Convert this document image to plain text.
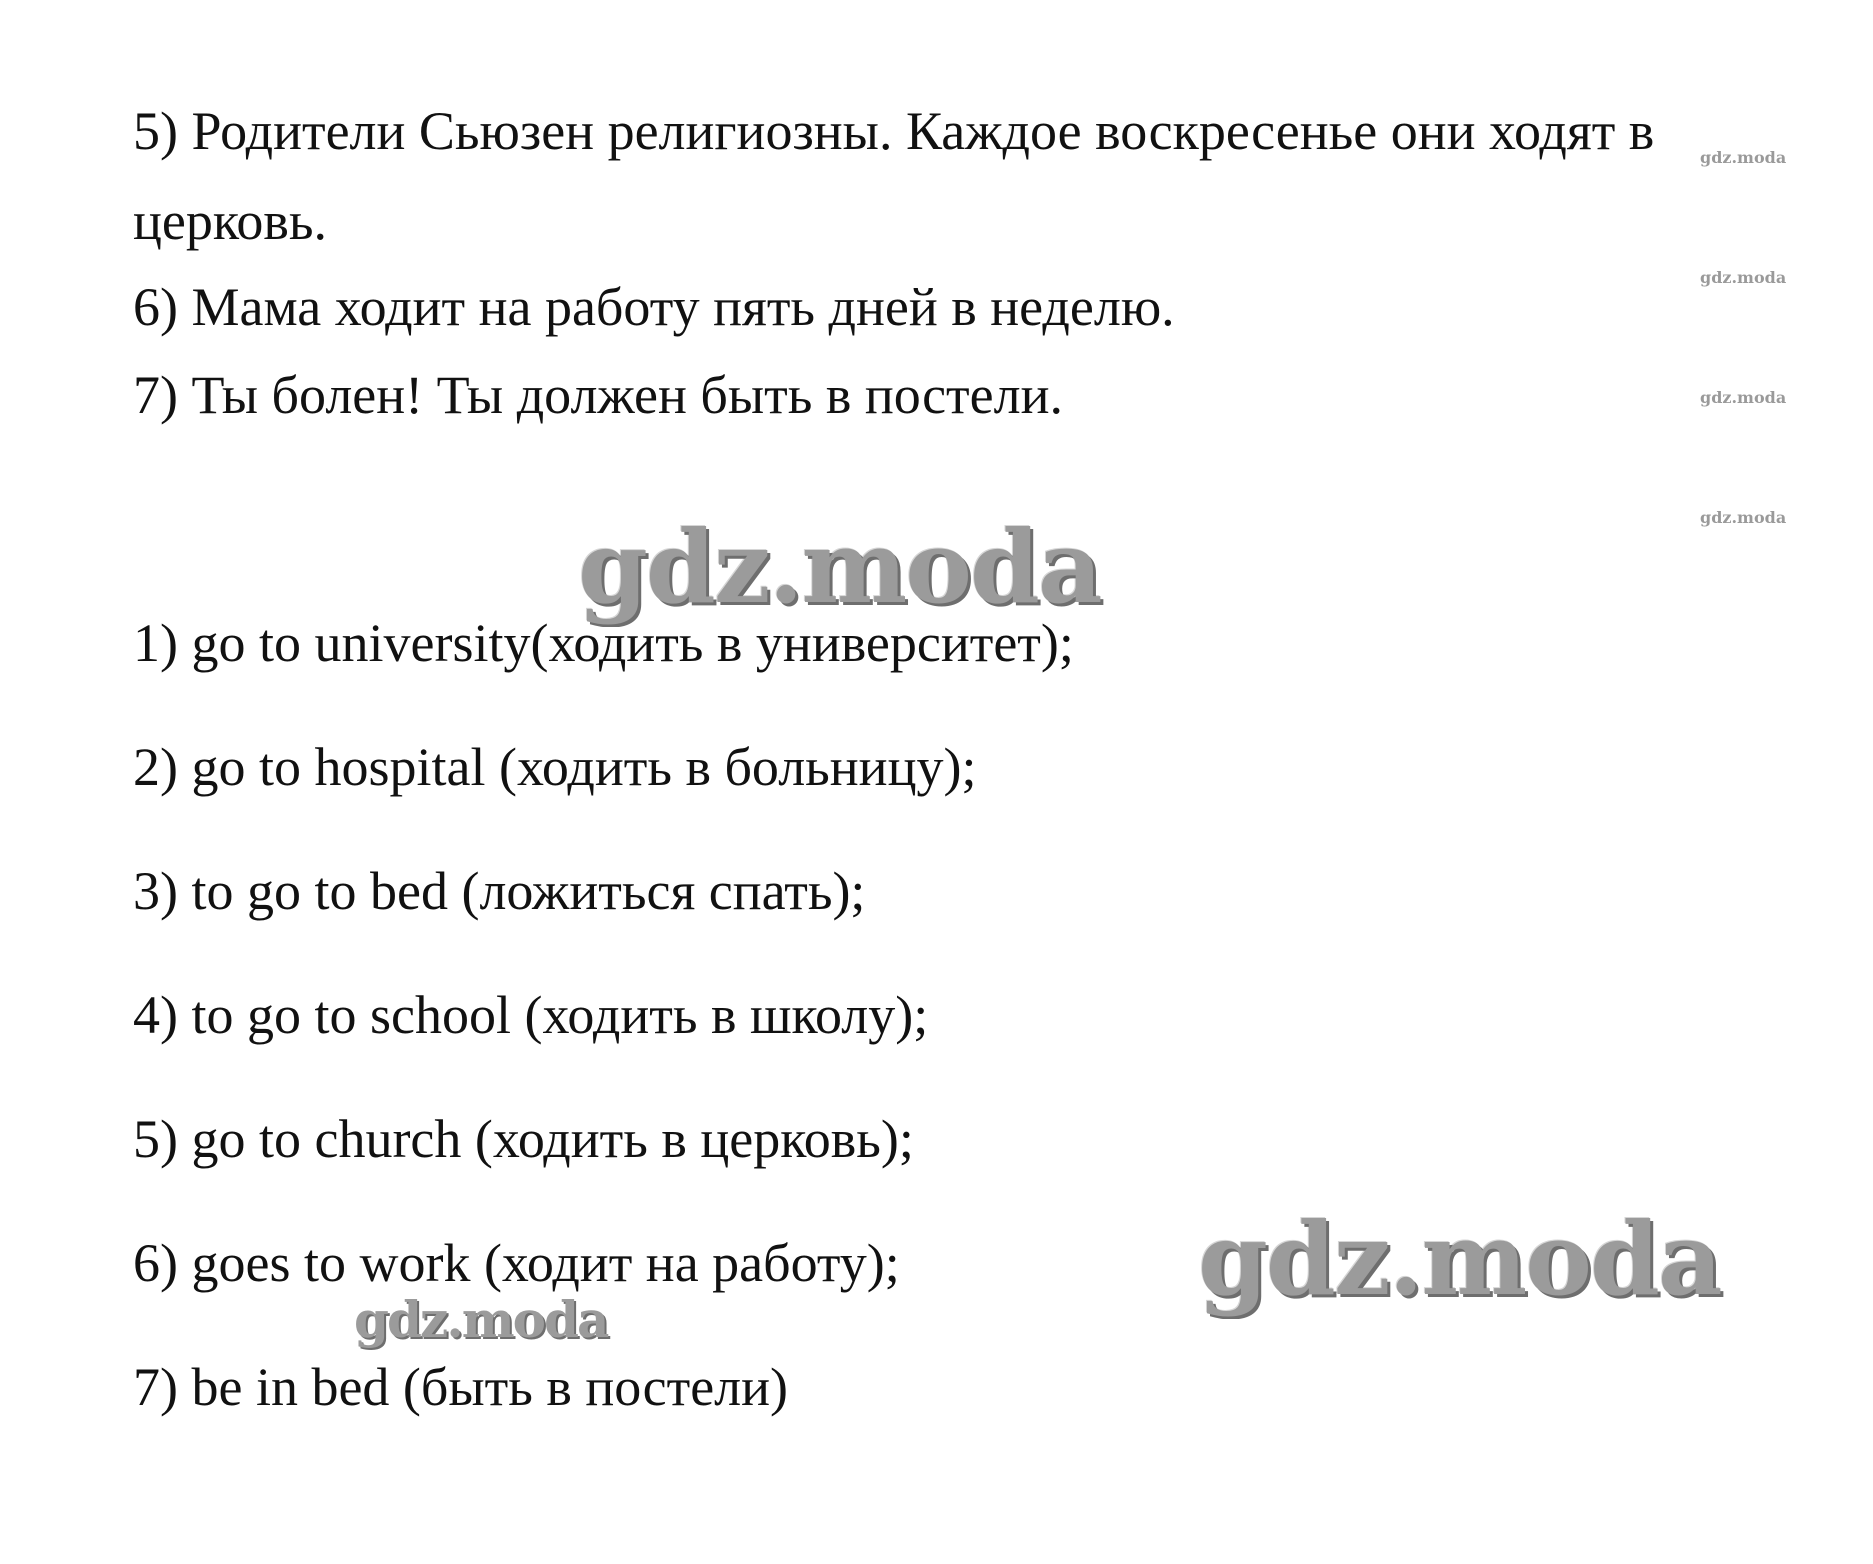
5) Родители Сьюзен религиозны. Каждое воскресенье они ходят в
церковь.
6) Мама ходит на работу пять дней в неделю.
7) Ты болен! Ты должен быть в постели.
gdz.moda
gdz.moda
gdz.moda
gdz.moda
gdz.moda
1) go to university(ходить в университет);
2) go to hospital (ходить в больницу);
3) to go to bed (ложиться спать);
4) to go to school (ходить в школу);
5) go to church (ходить в церковь);
6) goes to work (ходит на работу);
7) be in bed (быть в постели)
gdz.moda
gdz.moda
